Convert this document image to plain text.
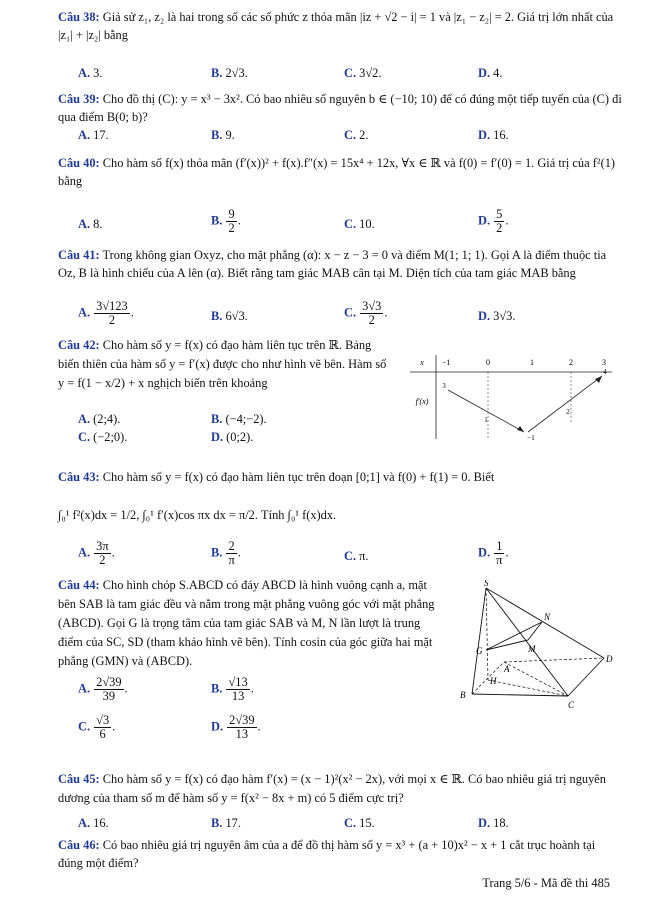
Câu 38: Giả sử z₁, z₂ là hai trong số các số phức z thỏa mãn |iz + √2 − i| = 1 và |z₁ − z₂| = 2. Giá trị lớn nhất của |z₁| + |z₂| bằng
A. 3.	B. 2√3.	C. 3√2.	D. 4.
Câu 39: Cho đồ thị (C): y = x³ − 3x². Có bao nhiêu số nguyên b ∈ (−10; 10) để có đúng một tiếp tuyến của (C) đi qua điểm B(0; b)?
A. 17.	B. 9.	C. 2.	D. 16.
Câu 40: Cho hàm số f(x) thỏa mãn (f′(x))² + f(x).f″(x) = 15x⁴ + 12x, ∀x ∈ ℝ và f(0) = f′(0) = 1. Giá trị của f²(1) bằng
A. 8.	B. $\frac{9}{2}$ .	C. 10.	D. $\frac{5}{2}$ .
Câu 41: Trong không gian Oxyz, cho mặt phẳng (α): x − z − 3 = 0 và điểm M(1; 1; 1). Gọi A là điểm thuộc tia Oz, B là hình chiếu của A lên (α). Biết rằng tam giác MAB cân tại M. Diện tích của tam giác MAB bằng
A. $\frac{3√123}{2}$ .	B. 6√3.	C. $\frac{3√3}{2}$ .	D. 3√3.
Câu 42: Cho hàm số y = f(x) có đạo hàm liên tục trên ℝ. Bảng biến thiên của hàm số y = f′(x) được cho như hình vẽ bên. Hàm số y = f(1 − x/2) + x nghịch biến trên khoảng
A. (2;4).	B. (−4;−2).
C. (−2;0).	D. (0;2).
x
f′(x)
−1	0	1	2	3
3
1
−1
2
4
Câu 43: Cho hàm số y = f(x) có đạo hàm liên tục trên đoạn [0;1] và f(0) + f(1) = 0. Biết
∫₀¹ f²(x)dx = 1/2, ∫₀¹ f′(x)cos πx dx = π/2. Tính ∫₀¹ f(x)dx.
A. $\frac{3\pi}{2}$ .	B. $\frac{2}{\pi}$ .	C. π.	D. $\frac{1}{\pi}$ .
Câu 44: Cho hình chóp S.ABCD có đáy ABCD là hình vuông cạnh a, mặt bên SAB là tam giác đều và nằm trong mặt phẳng vuông góc với mặt phẳng (ABCD). Gọi G là trọng tâm của tam giác SAB và M, N lần lượt là trung điểm của SC, SD (tham khảo hình vẽ bên). Tính cosin của góc giữa hai mặt phẳng (GMN) và (ABCD).
A. $\frac{2√39}{39}$ .	B. $\frac{√13}{13}$ .
C. $\frac{√3}{6}$ .	D. $\frac{2√39}{13}$ .
S
N
M
G
A
H
B
C
D
Câu 45: Cho hàm số y = f(x) có đạo hàm f′(x) = (x − 1)²(x² − 2x), với mọi x ∈ ℝ. Có bao nhiêu giá trị nguyên dương của tham số m để hàm số y = f(x² − 8x + m) có 5 điểm cực trị?
A. 16.	B. 17.	C. 15.	D. 18.
Câu 46: Có bao nhiêu giá trị nguyên âm của a để đồ thị hàm số y = x³ + (a + 10)x² − x + 1 cắt trục hoành tại đúng một điểm?
Trang 5/6 - Mã đề thi 485
